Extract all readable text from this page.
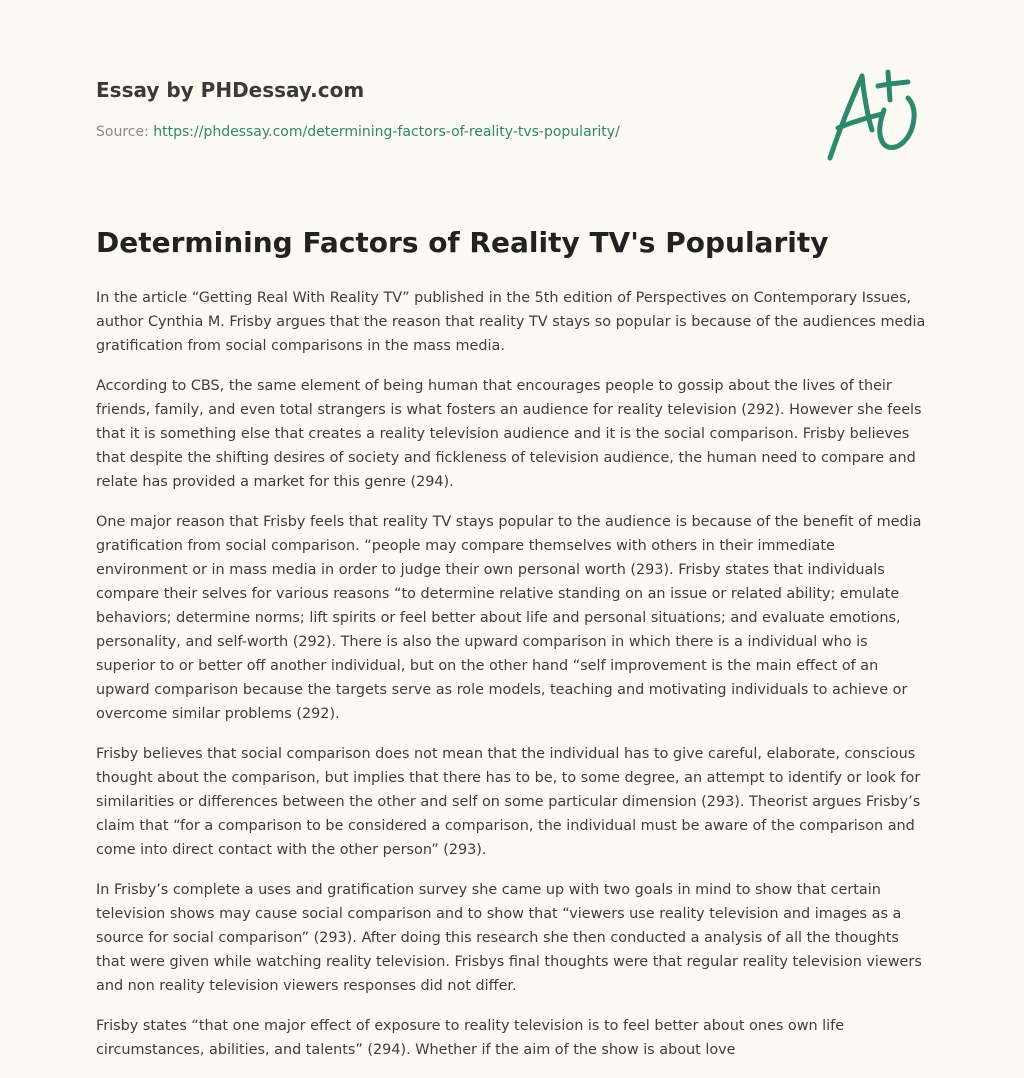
Essay by PHDessay.com
Source: https://phdessay.com/determining-factors-of-reality-tvs-popularity/
Determining Factors of Reality TV's Popularity

In the article “Getting Real With Reality TV” published in the 5th edition of Perspectives on Contemporary Issues, author Cynthia M. Frisby argues that the reason that reality TV stays so popular is because of the audiences media gratification from social comparisons in the mass media.

According to CBS, the same element of being human that encourages people to gossip about the lives of their friends, family, and even total strangers is what fosters an audience for reality television (292). However she feels that it is something else that creates a reality television audience and it is the social comparison. Frisby believes that despite the shifting desires of society and fickleness of television audience, the human need to compare and relate has provided a market for this genre (294).

One major reason that Frisby feels that reality TV stays popular to the audience is because of the benefit of media gratification from social comparison. “people may compare themselves with others in their immediate environment or in mass media in order to judge their own personal worth (293). Frisby states that individuals compare their selves for various reasons “to determine relative standing on an issue or related ability; emulate behaviors; determine norms; lift spirits or feel better about life and personal situations; and evaluate emotions, personality, and self-worth (292). There is also the upward comparison in which there is a individual who is superior to or better off another individual, but on the other hand “self improvement is the main effect of an upward comparison because the targets serve as role models, teaching and motivating individuals to achieve or overcome similar problems (292).

Frisby believes that social comparison does not mean that the individual has to give careful, elaborate, conscious thought about the comparison, but implies that there has to be, to some degree, an attempt to identify or look for similarities or differences between the other and self on some particular dimension (293). Theorist argues Frisby’s claim that “for a comparison to be considered a comparison, the individual must be aware of the comparison and come into direct contact with the other person” (293).

In Frisby’s complete a uses and gratification survey she came up with two goals in mind to show that certain television shows may cause social comparison and to show that “viewers use reality television and images as a source for social comparison” (293). After doing this research she then conducted a analysis of all the thoughts that were given while watching reality television. Frisbys final thoughts were that regular reality television viewers and non reality television viewers responses did not differ.

Frisby states “that one major effect of exposure to reality television is to feel better about ones own life circumstances, abilities, and talents” (294). Whether if the aim of the show is about love
